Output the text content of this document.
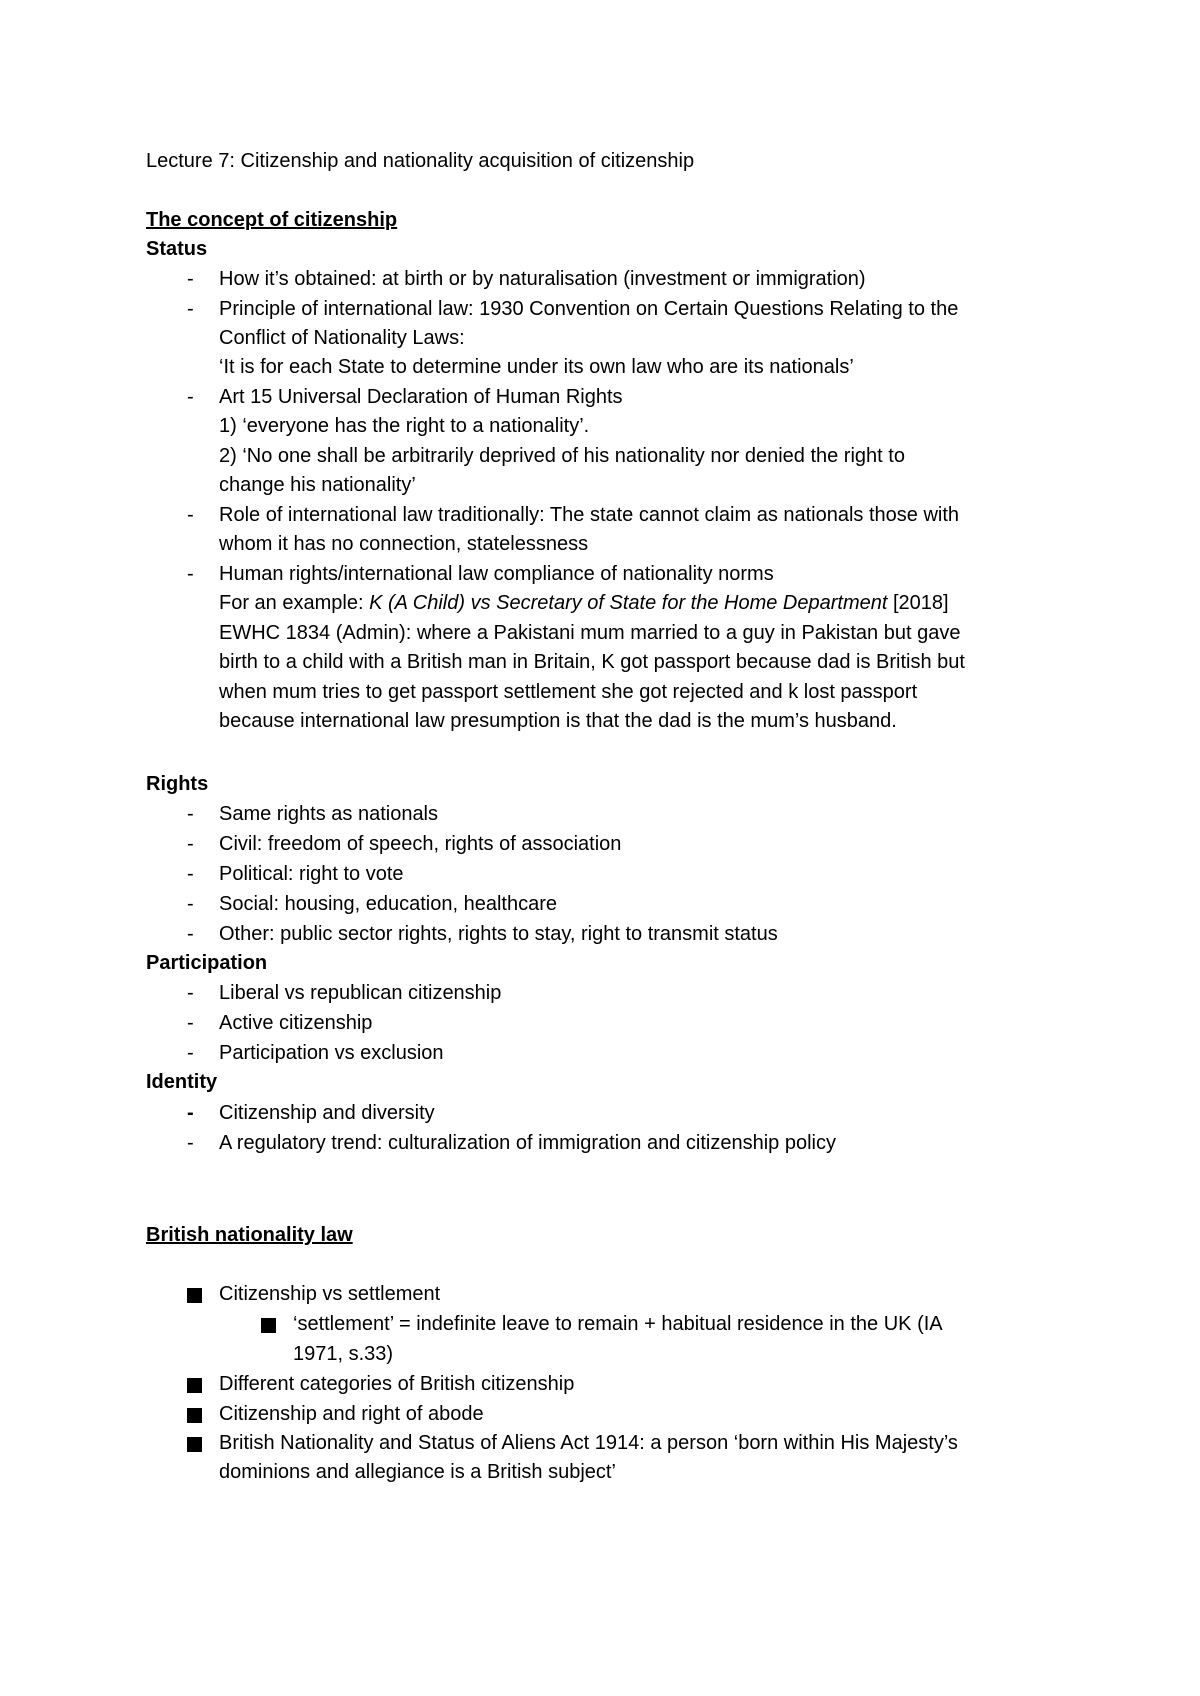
Lecture 7: Citizenship and nationality acquisition of citizenship
The concept of citizenship
Status
-	How it’s obtained: at birth or by naturalisation (investment or immigration)
-	Principle of international law: 1930 Convention on Certain Questions Relating to the
Conflict of Nationality Laws:
‘It is for each State to determine under its own law who are its nationals’
-	Art 15 Universal Declaration of Human Rights
1) ‘everyone has the right to a nationality’.
2) ‘No one shall be arbitrarily deprived of his nationality nor denied the right to
change his nationality’
-	Role of international law traditionally: The state cannot claim as nationals those with
whom it has no connection, statelessness
-	Human rights/international law compliance of nationality norms
For an example: K (A Child) vs Secretary of State for the Home Department [2018]
EWHC 1834 (Admin): where a Pakistani mum married to a guy in Pakistan but gave
birth to a child with a British man in Britain, K got passport because dad is British but
when mum tries to get passport settlement she got rejected and k lost passport
because international law presumption is that the dad is the mum’s husband.
Rights
-	Same rights as nationals
-	Civil: freedom of speech, rights of association
-	Political: right to vote
-	Social: housing, education, healthcare
-	Other: public sector rights, rights to stay, right to transmit status
Participation
-	Liberal vs republican citizenship
-	Active citizenship
-	Participation vs exclusion
Identity
-	Citizenship and diversity
-	A regulatory trend: culturalization of immigration and citizenship policy
British nationality law
Citizenship vs settlement
‘settlement’ = indefinite leave to remain + habitual residence in the UK (IA
1971, s.33)
Different categories of British citizenship
Citizenship and right of abode
British Nationality and Status of Aliens Act 1914: a person ‘born within His Majesty’s
dominions and allegiance is a British subject’
